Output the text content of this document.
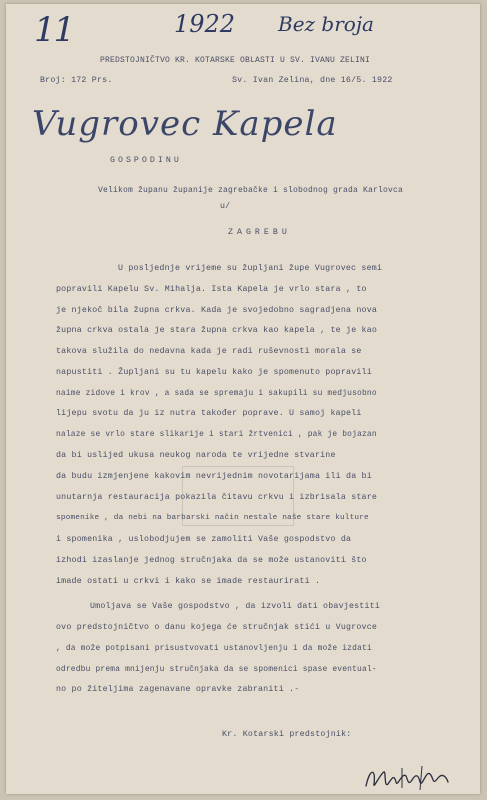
11	1922 Bez broja
PREDSTOJNIČTVO KR. KOTARSKE OBLASTI U SV. IVANU ZELINI
Broj: 172 Prs.	Sv. Ivan Zelina, dne 16/5. 1922
Vugrovec Kapela
GOSPODINU
Velikom županu županije zagrebačke i slobodnog grada Karlovca
u/
ZAGREBU
U posljednje vrijeme su župljani župe Vugrovec semi
popravili Kapelu Sv. Mihalja. Ista Kapela je vrlo stara , to
je njekoč bila župna crkva. Kada je svojedobno sagradjena nova
župna crkva ostala je stara župna crkva kao kapela , te je kao
takova služila do nedavna kada je radi ruševnosti morala se
napustiti . Župljani su tu kapelu kako je spomenuto popravili
naime zidove i krov , a sada se spremaju i sakupili su medjusobno
lijepu svotu da ju iz nutra također poprave. U samoj kapeli
nalaze se vrlo stare slikarije i stari žrtvenici , pak je bojazan
da bi uslijed ukusa neukog naroda te vrijedne stvarine
da budu izmjenjene kakovim nevrijednim novotarijama ili da bi
unutarnja restauracija pokazila čitavu crkvu i izbrisala stare
spomenike , da nebi na barbarski način nestale naše stare kulture
i spomenika , uslobodjujem se zamoliti Vaše gospodstvo da
izhodi izaslanje jednog stručnjaka da se može ustanoviti što
imade ostati u crkvi i kako se imade restaurirati .
Umoljava se Vaše gospodstvo , da izvoli dati obavjestiti
ovo predstojničtvo o danu kojega će stručnjak stići u Vugrovce
, da može potpisani prisustvovati ustanovljenju i da može izdati
odredbu prema mnijenju stručnjaka da se spomenici spase eventual-
no po žiteljima zagenavane opravke zabraniti .-
Kr. Kotarski predstojnik:
